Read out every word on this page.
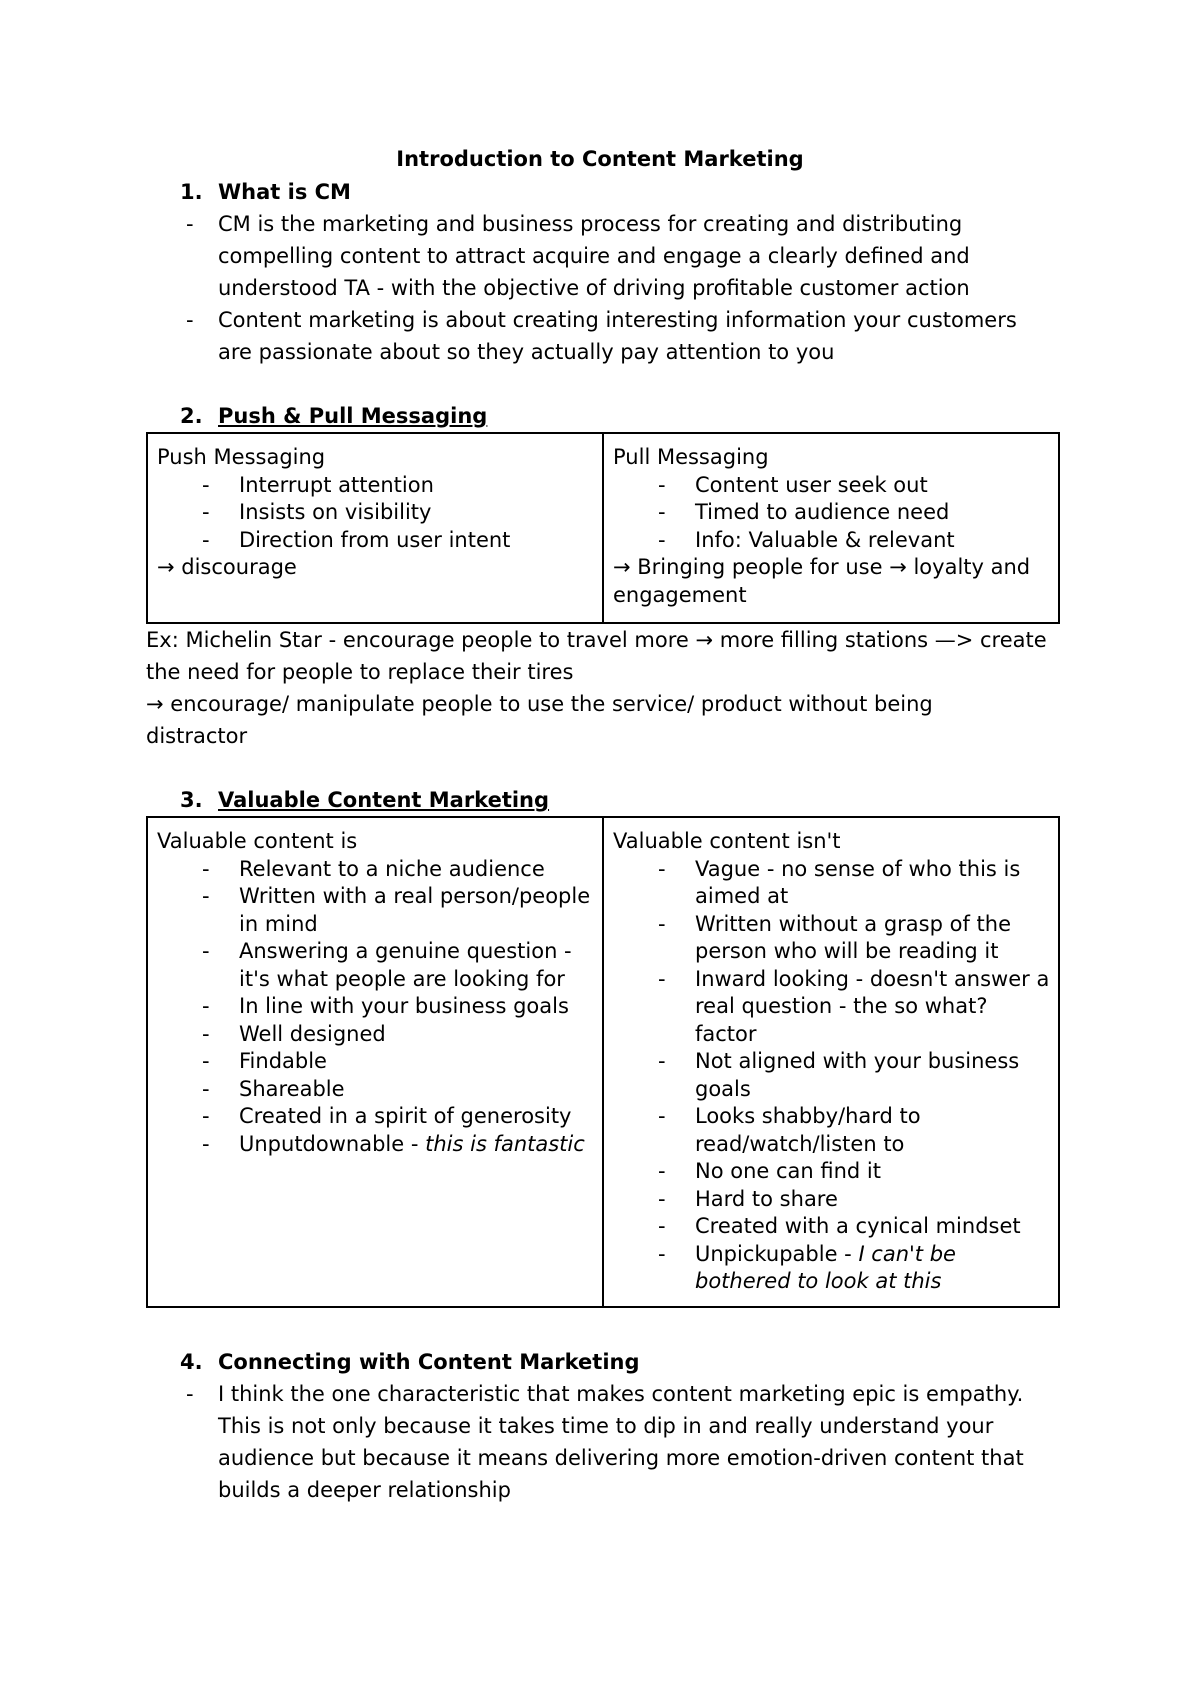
Introduction to Content Marketing
1. What is CM
- CM is the marketing and business process for creating and distributing
compelling content to attract acquire and engage a clearly defined and
understood TA - with the objective of driving profitable customer action
- Content marketing is about creating interesting information your customers
are passionate about so they actually pay attention to you
2. Push & Pull Messaging
Push Messaging
- Interrupt attention
- Insists on visibility
- Direction from user intent
→ discourage

Pull Messaging
- Content user seek out
- Timed to audience need
- Info: Valuable & relevant
→ Bringing people for use → loyalty and engagement
Ex: Michelin Star - encourage people to travel more → more filling stations —> create
the need for people to replace their tires
→ encourage/ manipulate people to use the service/ product without being
distractor
3. Valuable Content Marketing
Valuable content is
- Relevant to a niche audience
- Written with a real person/people in mind
- Answering a genuine question - it's what people are looking for
- In line with your business goals
- Well designed
- Findable
- Shareable
- Created in a spirit of generosity
- Unputdownable - this is fantastic

Valuable content isn't
- Vague - no sense of who this is aimed at
- Written without a grasp of the person who will be reading it
- Inward looking - doesn't answer a real question - the so what? factor
- Not aligned with your business goals
- Looks shabby/hard to read/watch/listen to
- No one can find it
- Hard to share
- Created with a cynical mindset
- Unpickupable - I can't be bothered to look at this
4. Connecting with Content Marketing
- I think the one characteristic that makes content marketing epic is empathy.
This is not only because it takes time to dip in and really understand your
audience but because it means delivering more emotion-driven content that
builds a deeper relationship
